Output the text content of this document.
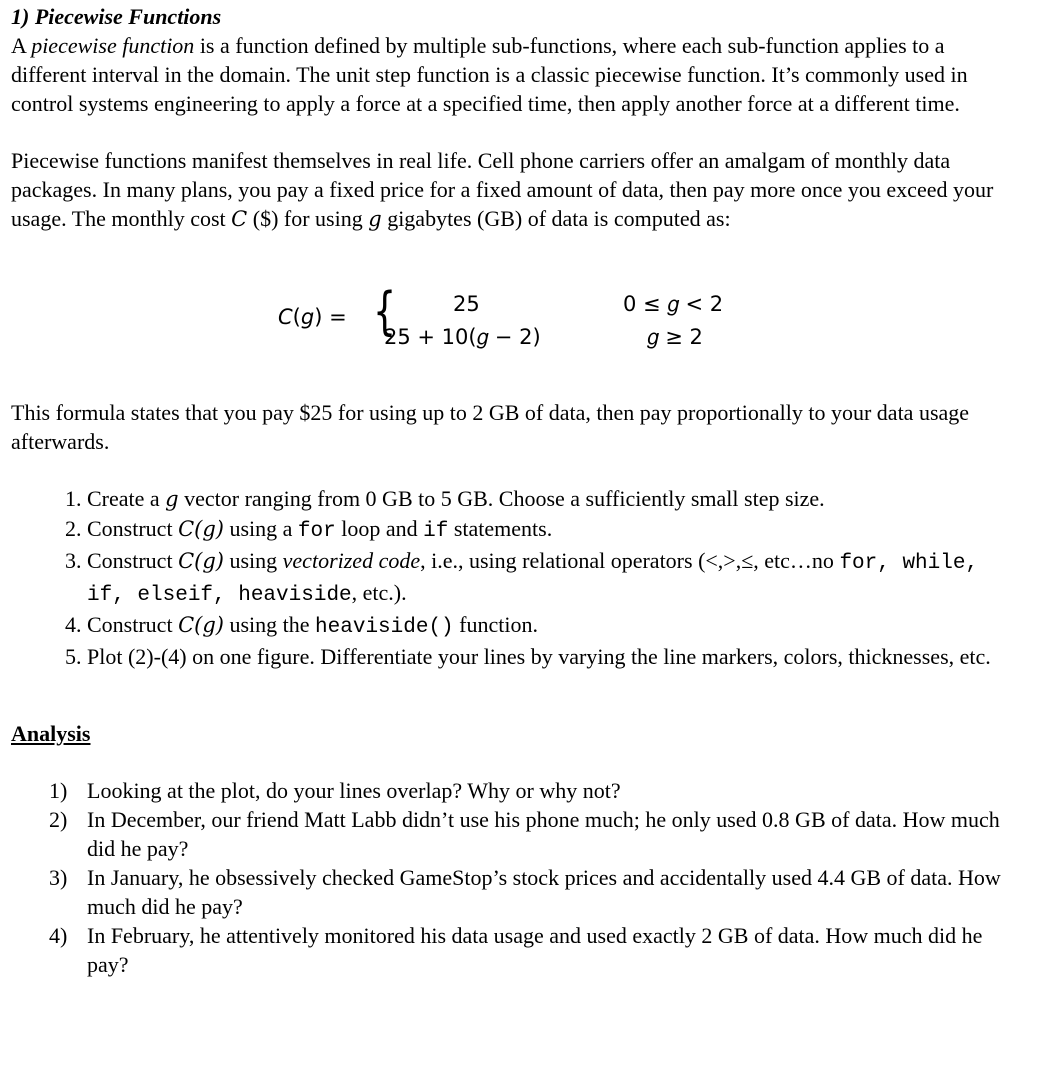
1) Piecewise Functions

A piecewise function is a function defined by multiple sub-functions, where each sub-function applies to a different interval in the domain. The unit step function is a classic piecewise function. It’s commonly used in control systems engineering to apply a force at a specified time, then apply another force at a different time.

Piecewise functions manifest themselves in real life. Cell phone carriers offer an amalgam of monthly data packages. In many plans, you pay a fixed price for a fixed amount of data, then pay more once you exceed your usage. The monthly cost C ($) for using g gigabytes (GB) of data is computed as:

C(g) = {	25
25 + 10(𝑔 − 2)
0 ≤ 𝑔 < 2
𝑔 ≥ 2

This formula states that you pay $25 for using up to 2 GB of data, then pay proportionally to your data usage afterwards.

1. Create a g vector ranging from 0 GB to 5 GB. Choose a sufficiently small step size.
2. Construct C(g) using a for loop and if statements.
3. Construct C(g) using vectorized code, i.e., using relational operators (<,>,≤, etc…no for, while, if, elseif, heaviside, etc.).
4. Construct C(g) using the heaviside() function.
5. Plot (2)-(4) on one figure. Differentiate your lines by varying the line markers, colors, thicknesses, etc.

Analysis

Looking at the plot, do your lines overlap? Why or why not?
In December, our friend Matt Labb didn’t use his phone much; he only used 0.8 GB of data. How much did he pay?
In January, he obsessively checked GameStop’s stock prices and accidentally used 4.4 GB of data. How much did he pay?
In February, he attentively monitored his data usage and used exactly 2 GB of data. How much did he pay?
